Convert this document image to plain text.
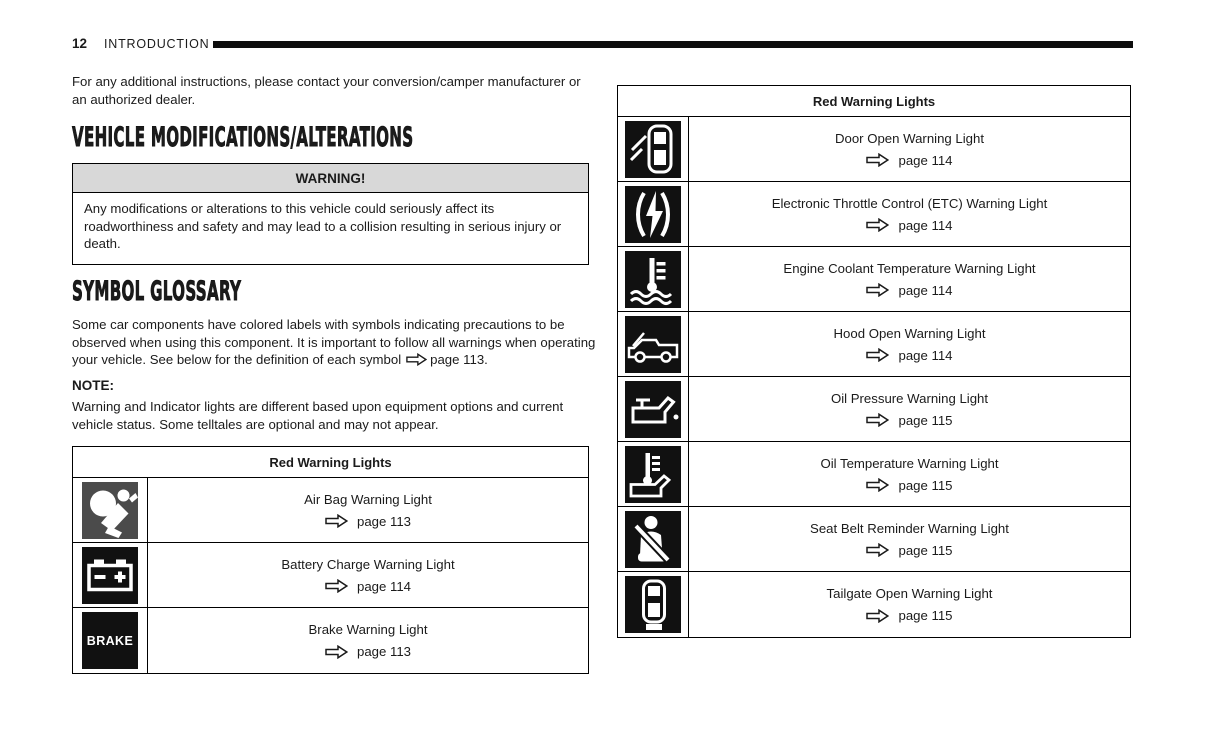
12 INTRODUCTION

For any additional instructions, please contact your conversion/camper manufacturer or an authorized dealer.

VEHICLE MODIFICATIONS/ALTERATIONS
WARNING!
Any modifications or alterations to this vehicle could seriously affect its roadworthiness and safety and may lead to a collision resulting in serious injury or death.
SYMBOL GLOSSARY

Some car components have colored labels with symbols indicating precautions to be observed when using this component. It is important to follow all warnings when operating your vehicle. See below for the definition of each symbol page 113.

NOTE:

Warning and Indicator lights are different based upon equipment options and current vehicle status. Some telltales are optional and may not appear.

Red Warning Lights
Air Bag Warning Light
page 113
Battery Charge Warning Light
page 114
BRAKE
Brake Warning Light
page 113
Red Warning Lights
Door Open Warning Light
page 114
Electronic Throttle Control (ETC) Warning Light
page 114
Engine Coolant Temperature Warning Light
page 114
Hood Open Warning Light
page 114
Oil Pressure Warning Light
page 115
Oil Temperature Warning Light
page 115
Seat Belt Reminder Warning Light
page 115
Tailgate Open Warning Light
page 115
